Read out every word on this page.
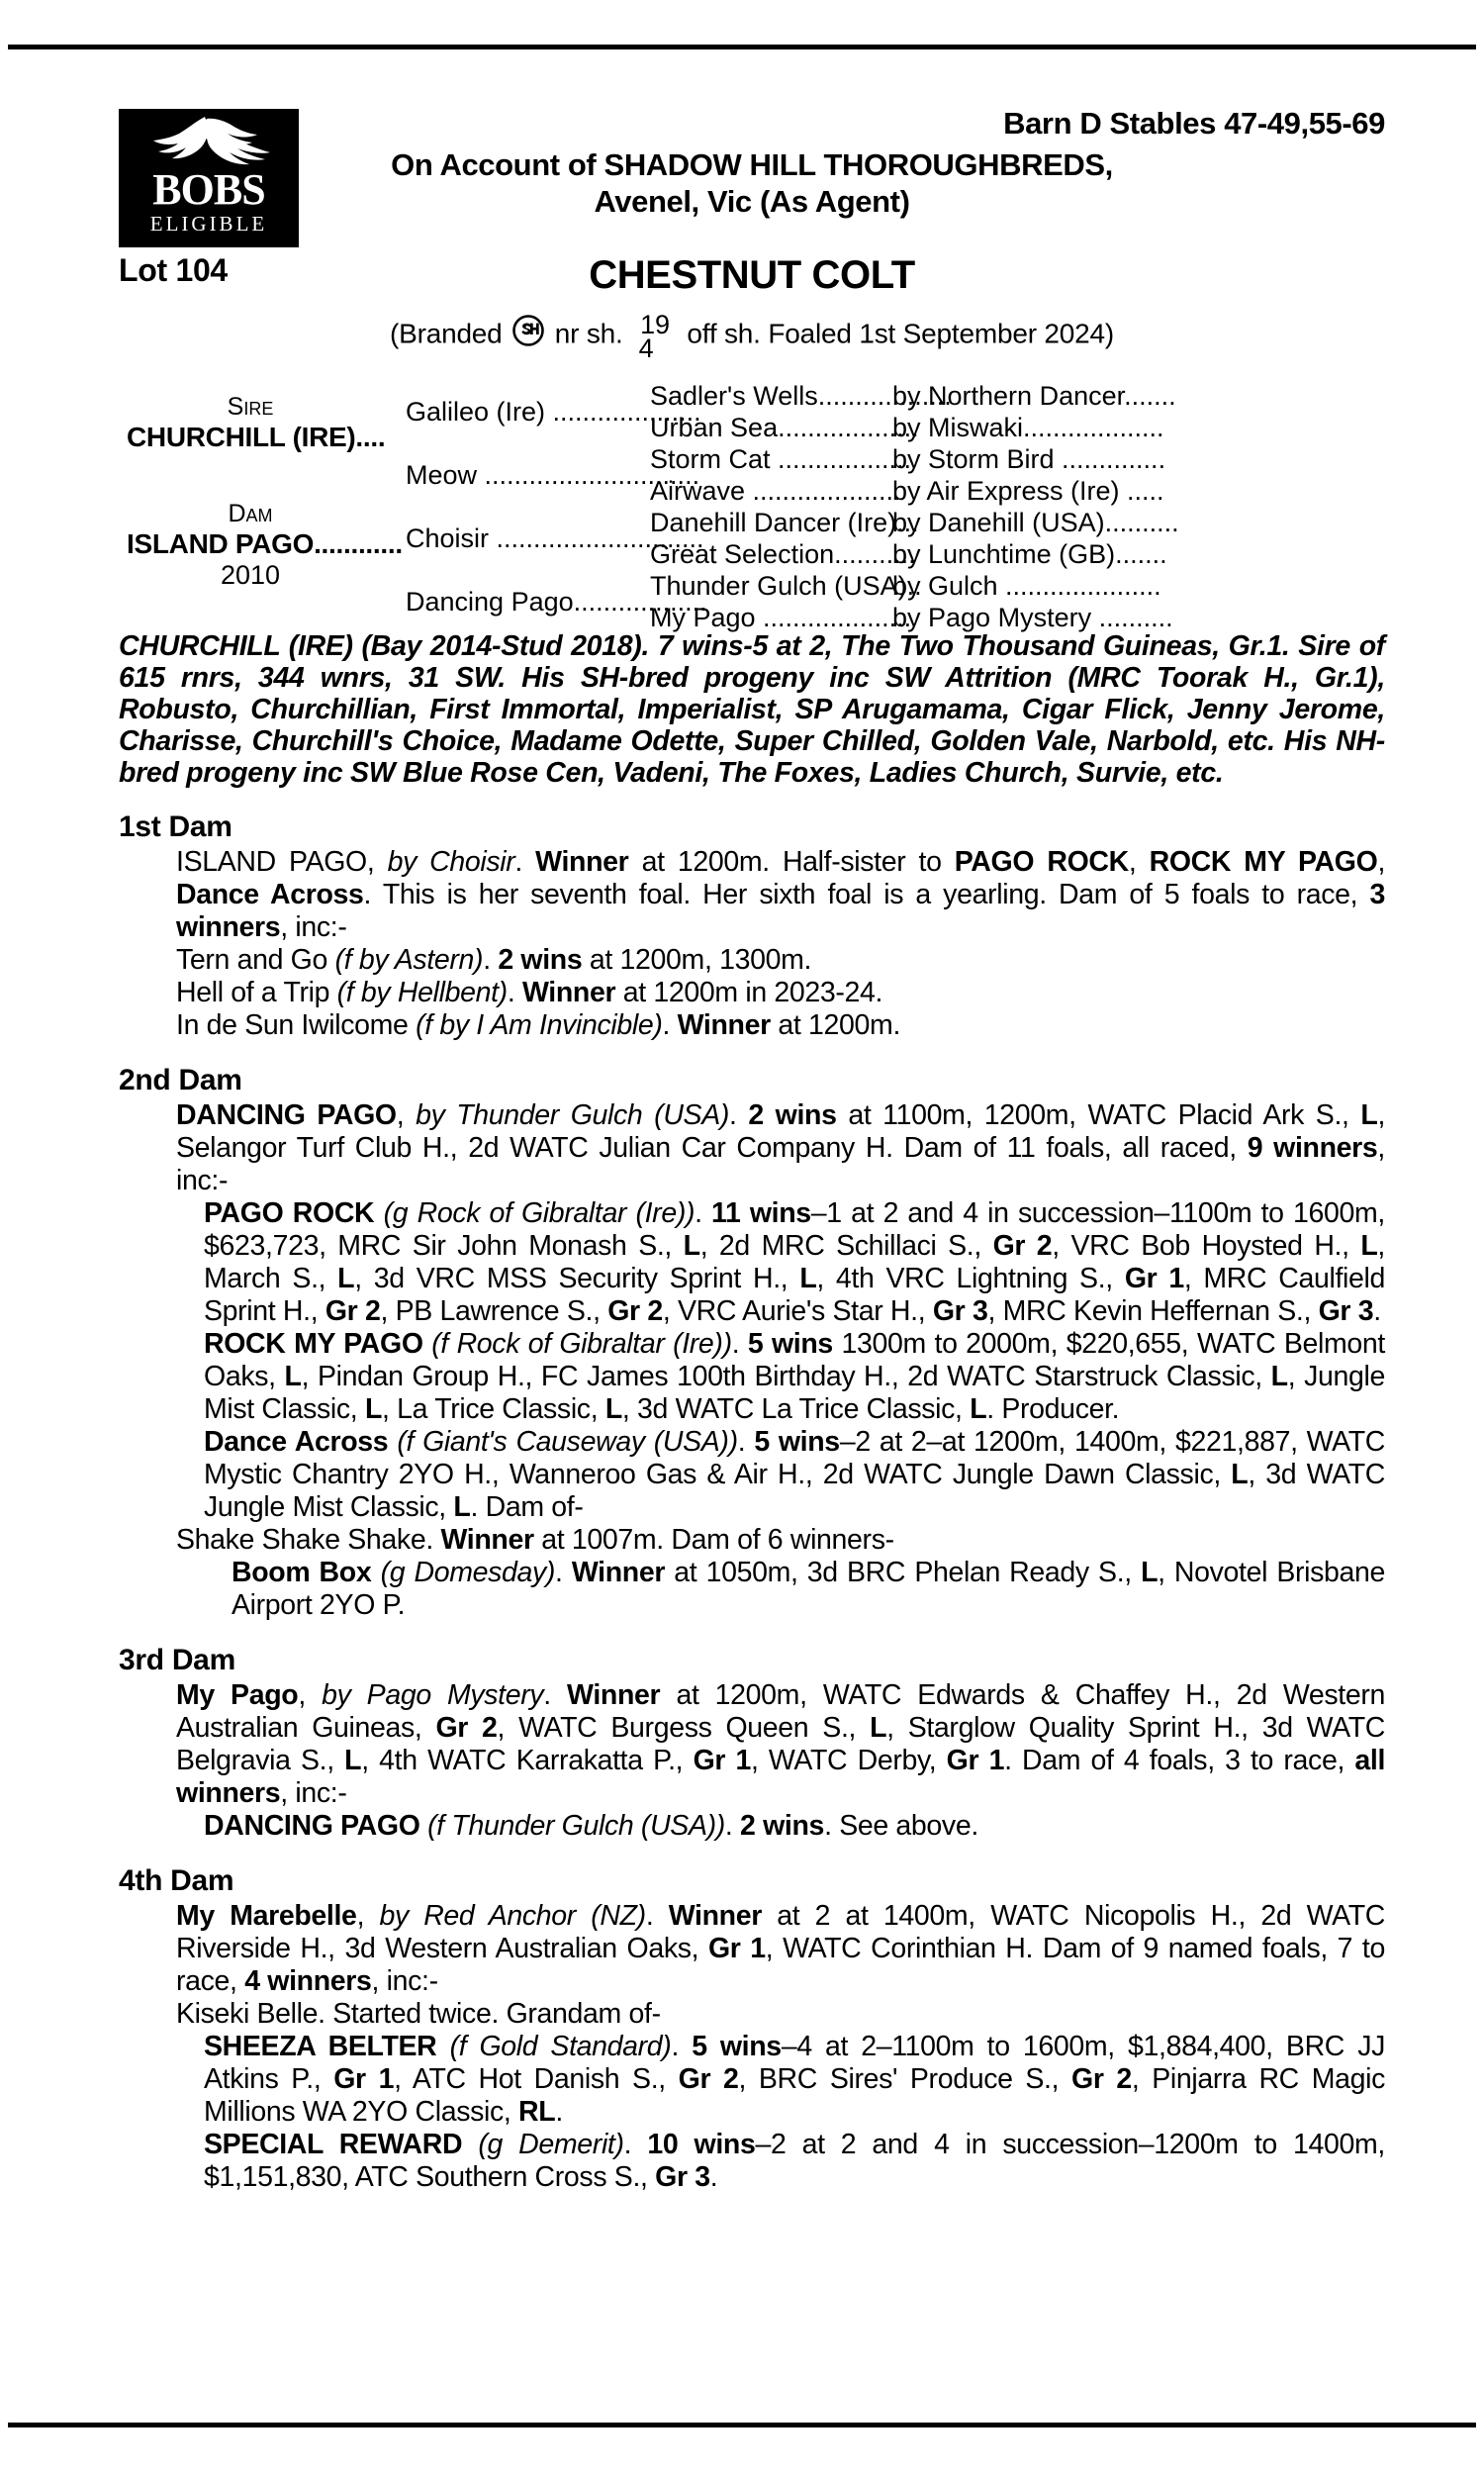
BOBS
ELIGIBLE
Barn D Stables 47-49,55-69
On Account of SHADOW HILL THOROUGHBREDS,
Avenel, Vic (As Agent)
Lot 104	CHESTNUT COLT
(Branded nr sh. 19
4	off sh. Foaled 1st September 2024)
Sire
CHURCHILL (IRE)....
Dam
ISLAND PAGO............
2010
Galileo (Ire) ....................
Meow .............................
Choisir ............................
Dancing Pago..................
Sadler's Wells..................
Urban Sea...................
Storm Cat ..................
Airwave ....................
Danehill Dancer (Ire)...
Great Selection...........
Thunder Gulch (USA)..
My Pago ....................
by Northern Dancer.......
by Miswaki...................
by Storm Bird ..............
by Air Express (Ire) .....
by Danehill (USA)..........
by Lunchtime (GB).......
by Gulch .....................
by Pago Mystery ..........
CHURCHILL (IRE) (Bay 2014-Stud 2018). 7 wins-5 at 2, The Two Thousand Guineas, Gr.1. Sire of 615 rnrs, 344 wnrs, 31 SW. His SH-bred progeny inc SW Attrition (MRC Toorak H., Gr.1), Robusto, Churchillian, First Immortal, Imperialist, SP Arugamama, Cigar Flick, Jenny Jerome, Charisse, Churchill's Choice, Madame Odette, Super Chilled, Golden Vale, Narbold, etc. His NH-bred progeny inc SW Blue Rose Cen, Vadeni, The Foxes, Ladies Church, Survie, etc.
1st Dam

ISLAND PAGO, by Choisir. Winner at 1200m. Half-sister to PAGO ROCK, ROCK MY PAGO, Dance Across. This is her seventh foal. Her sixth foal is a yearling. Dam of 5 foals to race, 3 winners, inc:-

Tern and Go (f by Astern). 2 wins at 1200m, 1300m.

Hell of a Trip (f by Hellbent). Winner at 1200m in 2023-24.

In de Sun Iwilcome (f by I Am Invincible). Winner at 1200m.

2nd Dam

DANCING PAGO, by Thunder Gulch (USA). 2 wins at 1100m, 1200m, WATC Placid Ark S., L, Selangor Turf Club H., 2d WATC Julian Car Company H. Dam of 11 foals, all raced, 9 winners, inc:-

PAGO ROCK (g Rock of Gibraltar (Ire)). 11 wins–1 at 2 and 4 in succession–1100m to 1600m, $623,723, MRC Sir John Monash S., L, 2d MRC Schillaci S., Gr 2, VRC Bob Hoysted H., L, March S., L, 3d VRC MSS Security Sprint H., L, 4th VRC Lightning S., Gr 1, MRC Caulfield Sprint H., Gr 2, PB Lawrence S., Gr 2, VRC Aurie's Star H., Gr 3, MRC Kevin Heffernan S., Gr 3.

ROCK MY PAGO (f Rock of Gibraltar (Ire)). 5 wins 1300m to 2000m, $220,655, WATC Belmont Oaks, L, Pindan Group H., FC James 100th Birthday H., 2d WATC Starstruck Classic, L, Jungle Mist Classic, L, La Trice Classic, L, 3d WATC La Trice Classic, L. Producer.

Dance Across (f Giant's Causeway (USA)). 5 wins–2 at 2–at 1200m, 1400m, $221,887, WATC Mystic Chantry 2YO H., Wanneroo Gas & Air H., 2d WATC Jungle Dawn Classic, L, 3d WATC Jungle Mist Classic, L. Dam of-

Shake Shake Shake. Winner at 1007m. Dam of 6 winners-

Boom Box (g Domesday). Winner at 1050m, 3d BRC Phelan Ready S., L, Novotel Brisbane Airport 2YO P.

3rd Dam

My Pago, by Pago Mystery. Winner at 1200m, WATC Edwards & Chaffey H., 2d Western Australian Guineas, Gr 2, WATC Burgess Queen S., L, Starglow Quality Sprint H., 3d WATC Belgravia S., L, 4th WATC Karrakatta P., Gr 1, WATC Derby, Gr 1. Dam of 4 foals, 3 to race, all winners, inc:-

DANCING PAGO (f Thunder Gulch (USA)). 2 wins. See above.

4th Dam

My Marebelle, by Red Anchor (NZ). Winner at 2 at 1400m, WATC Nicopolis H., 2d WATC Riverside H., 3d Western Australian Oaks, Gr 1, WATC Corinthian H. Dam of 9 named foals, 7 to race, 4 winners, inc:-

Kiseki Belle. Started twice. Grandam of-

SHEEZA BELTER (f Gold Standard). 5 wins–4 at 2–1100m to 1600m, $1,884,400, BRC JJ Atkins P., Gr 1, ATC Hot Danish S., Gr 2, BRC Sires' Produce S., Gr 2, Pinjarra RC Magic Millions WA 2YO Classic, RL.

SPECIAL REWARD (g Demerit). 10 wins–2 at 2 and 4 in succession–1200m to 1400m, $1,151,830, ATC Southern Cross S., Gr 3.
